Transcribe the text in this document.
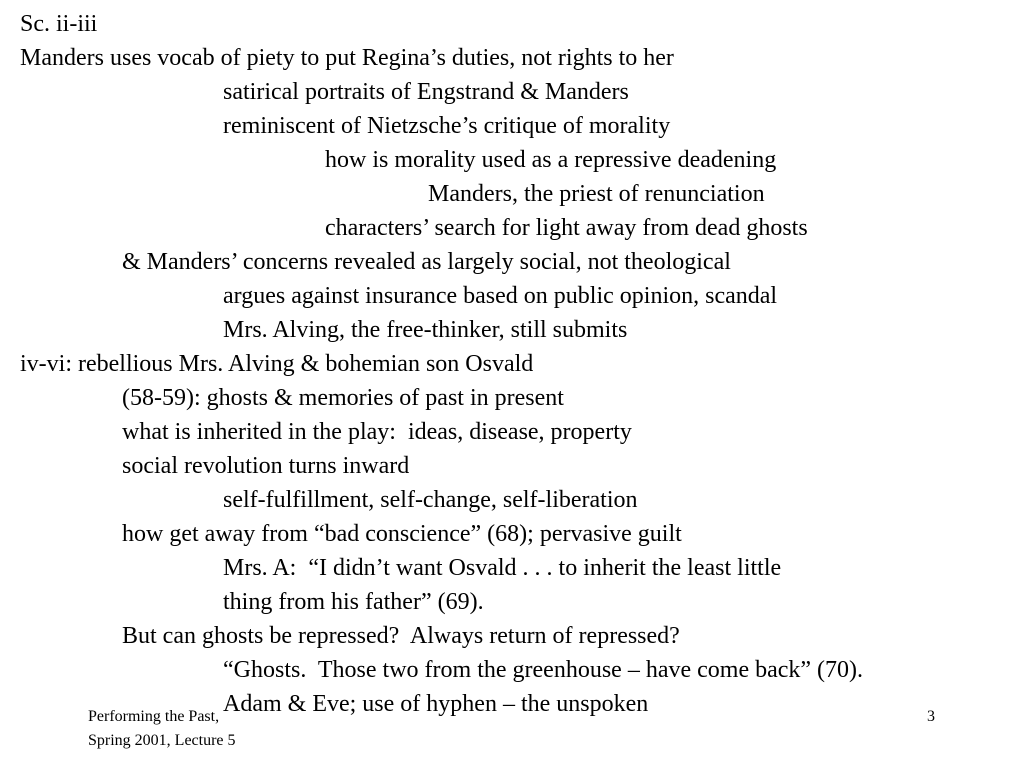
Sc. ii-iii
Manders uses vocab of piety to put Regina’s duties, not rights to her
satirical portraits of Engstrand & Manders
reminiscent of Nietzsche’s critique of morality
how is morality used as a repressive deadening
Manders, the priest of renunciation
characters’ search for light away from dead ghosts
& Manders’ concerns revealed as largely social, not theological
argues against insurance based on public opinion, scandal
Mrs. Alving, the free-thinker, still submits
iv-vi: rebellious Mrs. Alving & bohemian son Osvald
(58-59): ghosts & memories of past in present
what is inherited in the play:  ideas, disease, property
social revolution turns inward
self-fulfillment, self-change, self-liberation
how get away from “bad conscience” (68); pervasive guilt
Mrs. A:  “I didn’t want Osvald . . . to inherit the least little
thing from his father” (69).
But can ghosts be repressed?  Always return of repressed?
“Ghosts.  Those two from the greenhouse – have come back” (70).
Adam & Eve; use of hyphen – the unspoken
Performing the Past,
Spring 2001, Lecture 5
3
